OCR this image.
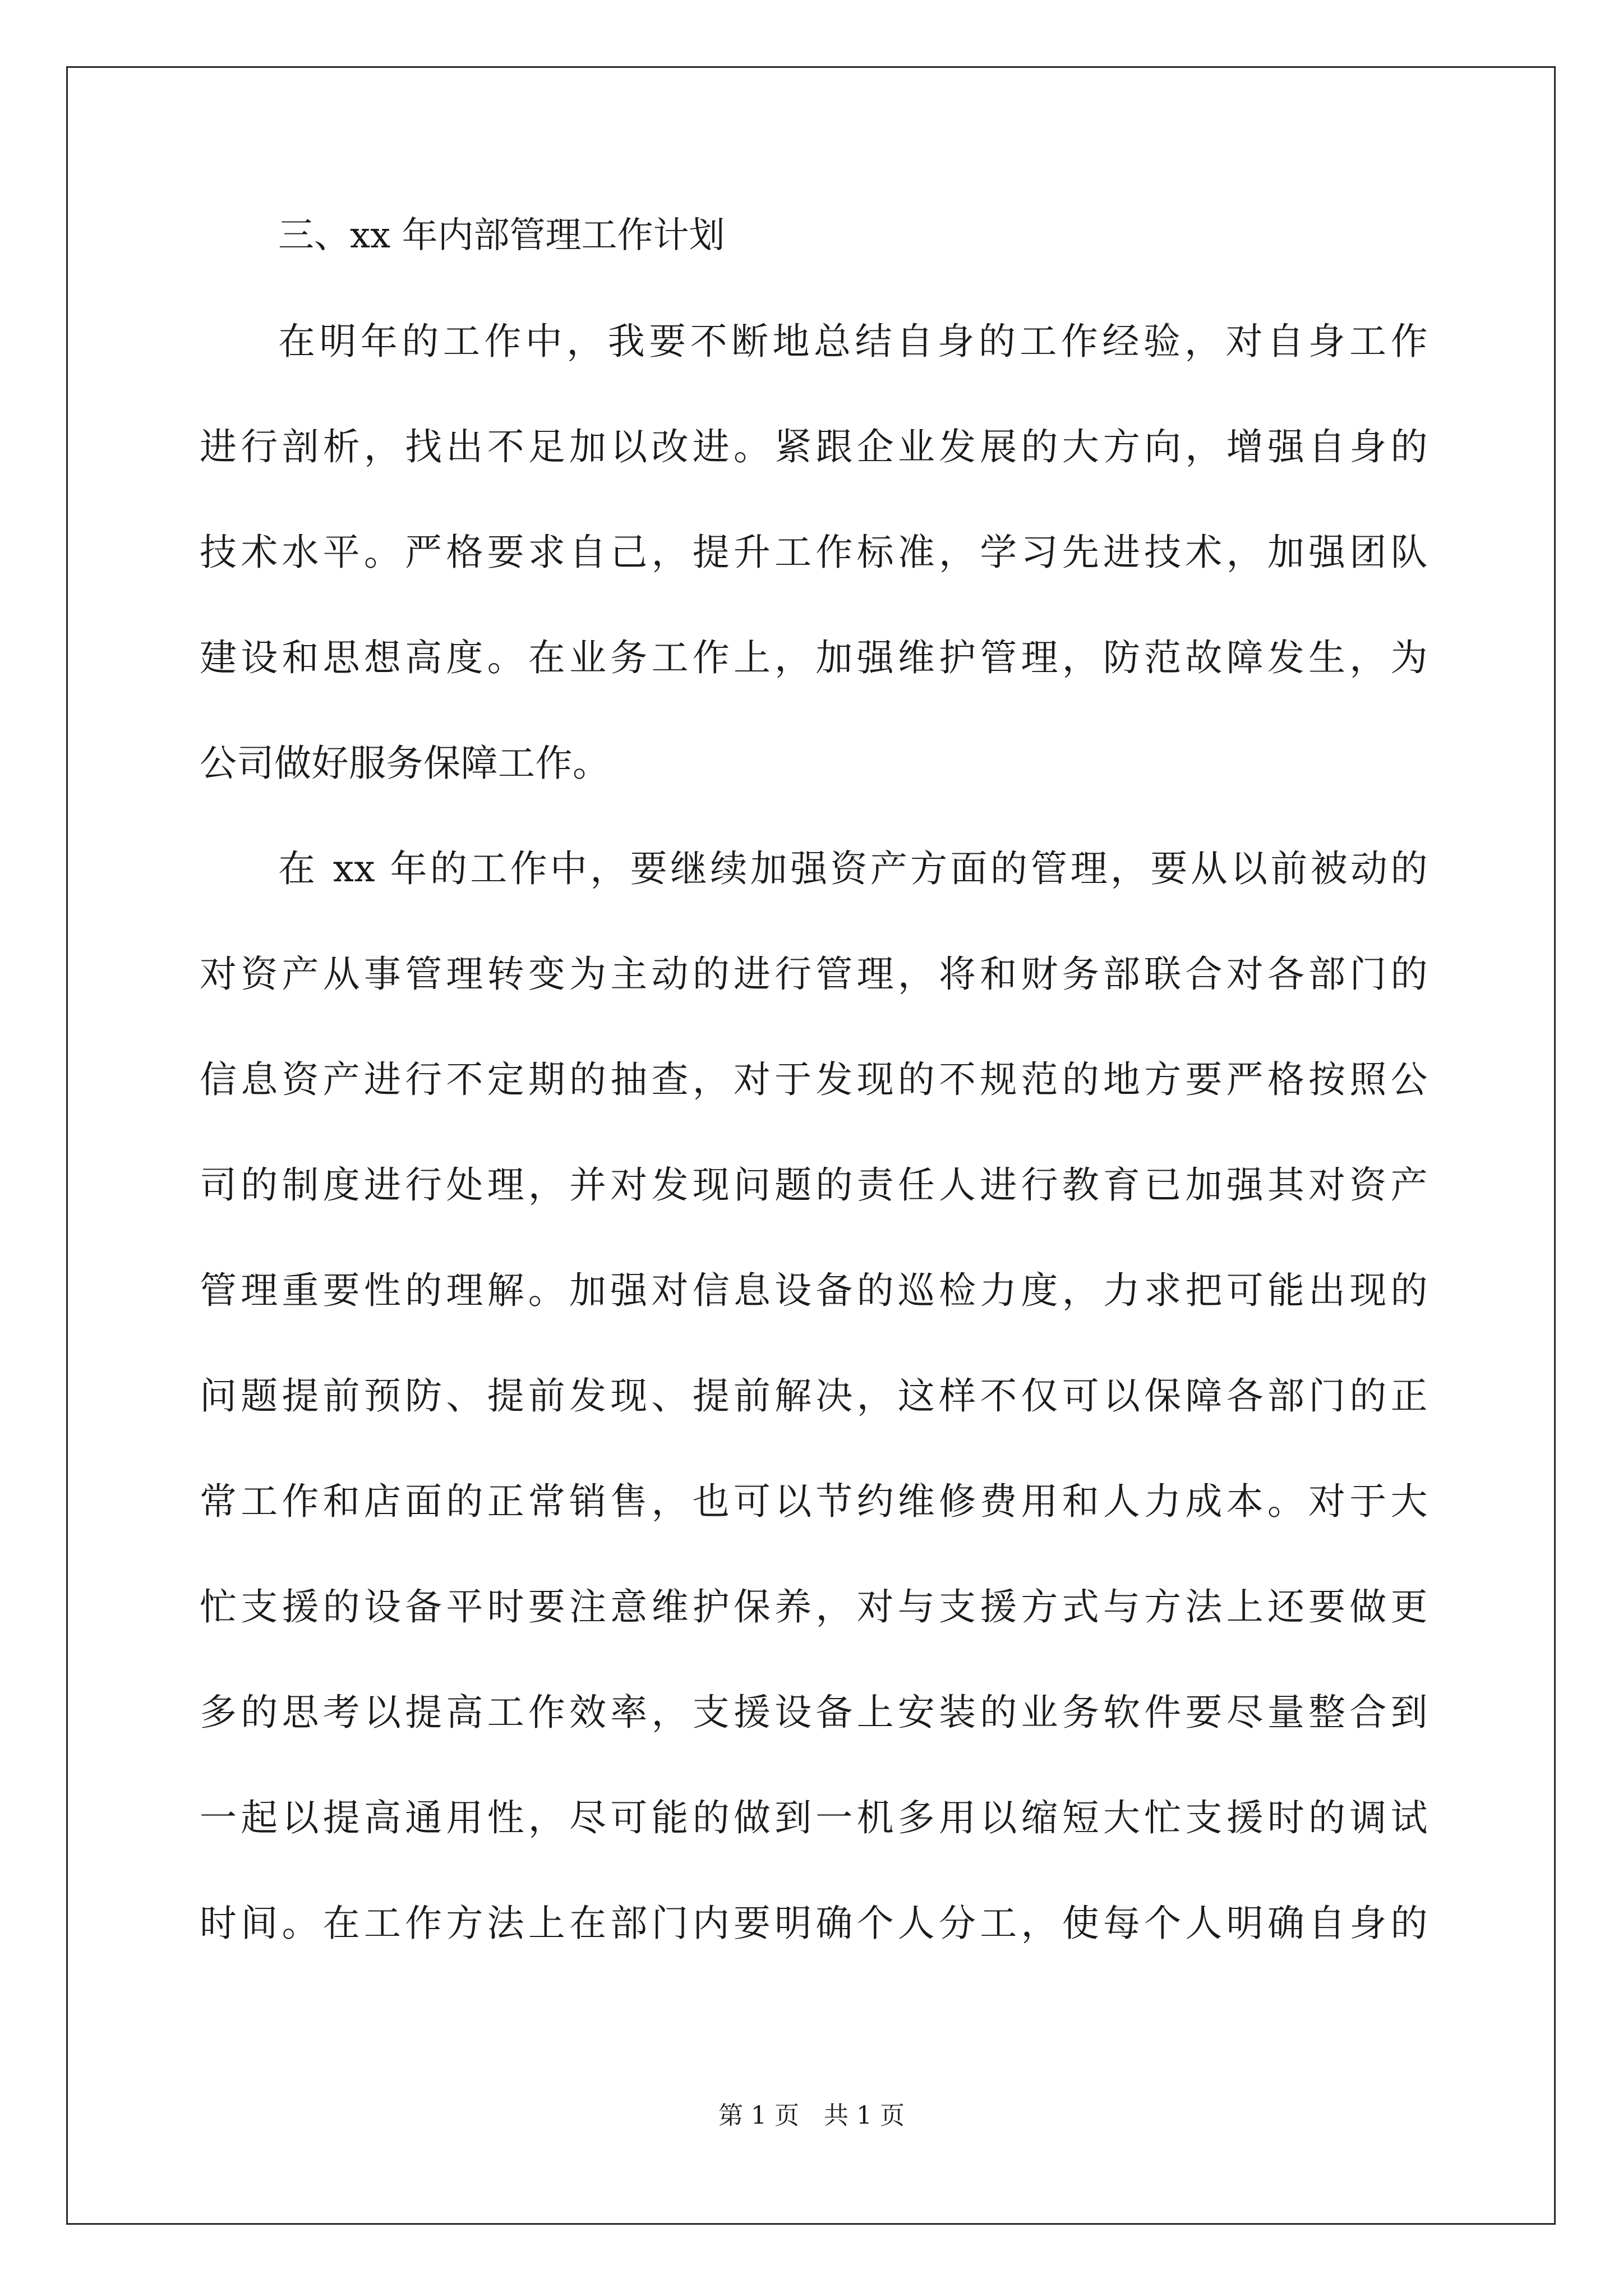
三、xx 年内部管理工作计划
在明年的工作中，我要不断地总结自身的工作经验，对自身工作
进行剖析，找出不足加以改进。紧跟企业发展的大方向，增强自身的
技术水平。严格要求自己，提升工作标准，学习先进技术，加强团队
建设和思想高度。在业务工作上，加强维护管理，防范故障发生，为
公司做好服务保障工作。
在 xx 年的工作中，要继续加强资产方面的管理，要从以前被动的
对资产从事管理转变为主动的进行管理，将和财务部联合对各部门的
信息资产进行不定期的抽查，对于发现的不规范的地方要严格按照公
司的制度进行处理，并对发现问题的责任人进行教育已加强其对资产
管理重要性的理解。加强对信息设备的巡检力度，力求把可能出现的
问题提前预防、提前发现、提前解决，这样不仅可以保障各部门的正
常工作和店面的正常销售，也可以节约维修费用和人力成本。对于大
忙支援的设备平时要注意维护保养，对与支援方式与方法上还要做更
多的思考以提高工作效率，支援设备上安装的业务软件要尽量整合到
一起以提高通用性，尽可能的做到一机多用以缩短大忙支援时的调试
时间。在工作方法上在部门内要明确个人分工，使每个人明确自身的
第 1 页　共 1 页
